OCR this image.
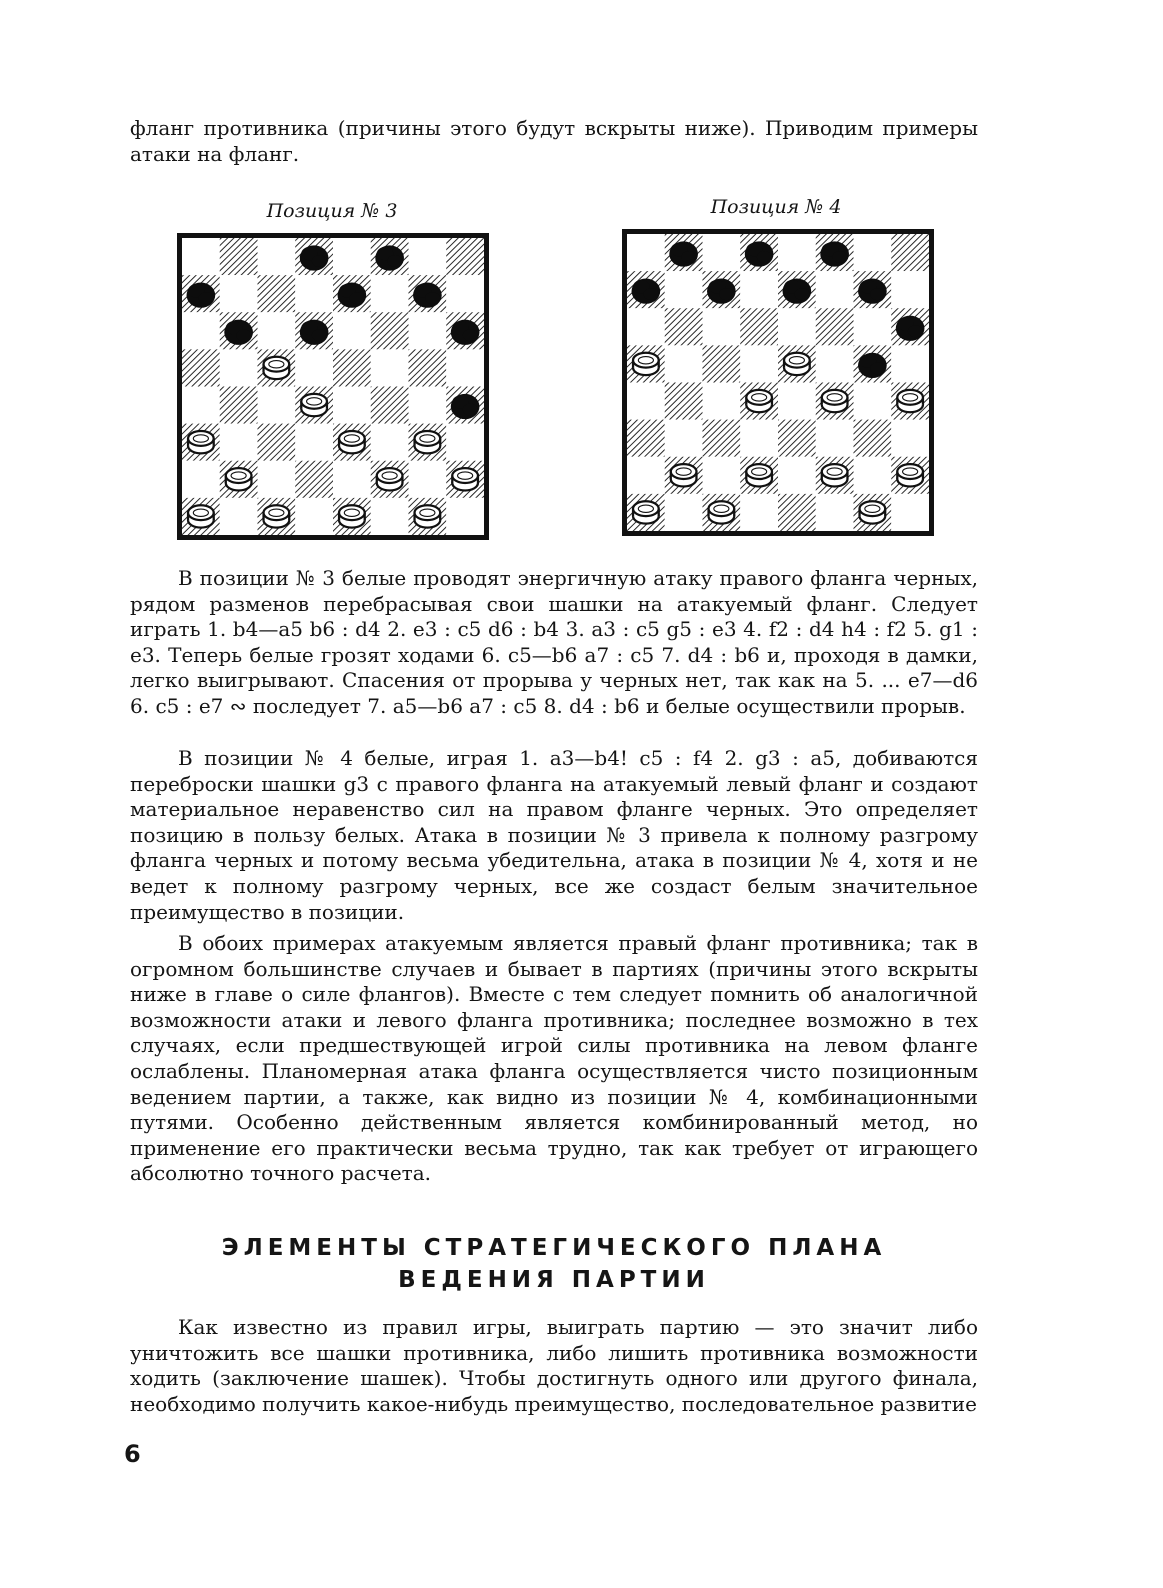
фланг противника (причины этого будут вскрыты ниже). Приводим примеры атаки на фланг.
Позиция № 3	Позиция № 4
В позиции № 3 белые проводят энергичную атаку правого фланга черных, рядом разменов перебрасывая свои шашки на атакуемый фланг. Следует играть 1. b4—a5 b6 : d4 2. e3 : c5 d6 : b4 3. a3 : c5 g5 : e3 4. f2 : d4 h4 : f2 5. g1 : e3. Теперь белые грозят ходами 6. c5—b6 a7 : c5 7. d4 : b6 и, проходя в дамки, легко выигрывают. Спасения от прорыва у черных нет, так как на 5. ... e7—d6 6. c5 : e7 ∾ последует 7. a5—b6 a7 : c5 8. d4 : b6 и белые осуществили прорыв.
В позиции № 4 белые, играя 1. a3—b4! c5 : f4 2. g3 : a5, добиваются переброски шашки g3 с правого фланга на атакуемый левый фланг и создают материальное неравенство сил на правом фланге черных. Это определяет позицию в пользу белых. Атака в позиции № 3 привела к полному разгрому фланга черных и потому весьма убедительна, атака в позиции № 4, хотя и не ведет к полному разгрому черных, все же создаст белым значительное преимущество в позиции.
В обоих примерах атакуемым является правый фланг противника; так в огромном большинстве случаев и бывает в партиях (причины этого вскрыты ниже в главе о силе флангов). Вместе с тем следует помнить об аналогичной возможности атаки и левого фланга противника; последнее возможно в тех случаях, если предшествующей игрой силы противника на левом фланге ослаблены. Планомерная атака фланга осуществляется чисто позиционным ведением партии, а также, как видно из позиции № 4, комбинационными путями. Особенно действенным является комбинированный метод, но применение его практически весьма трудно, так как требует от играющего абсолютно точного расчета.
ЭЛЕМЕНТЫ СТРАТЕГИЧЕСКОГО ПЛАНА
ВЕДЕНИЯ ПАРТИИ
Как известно из правил игры, выиграть партию — это значит либо уничтожить все шашки противника, либо лишить противника возможности ходить (заключение шашек). Чтобы достигнуть одного или другого финала, необходимо получить какое-нибудь преимущество, последовательное развитие
6
